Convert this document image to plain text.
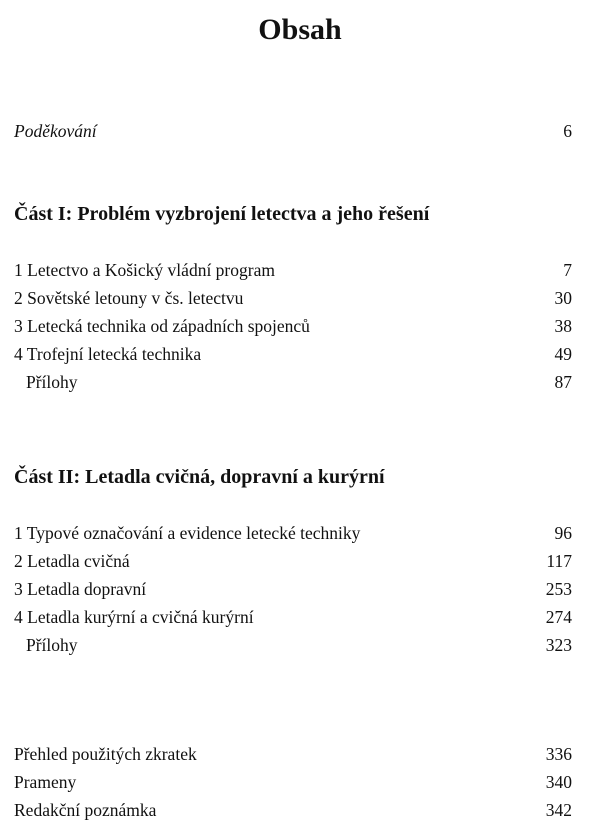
Obsah
Poděkování	6
Část I: Problém vyzbrojení letectva a jeho řešení
1 Letectvo a Košický vládní program	7
2 Sovětské letouny v čs. letectvu	30
3 Letecká technika od západních spojenců	38
4 Trofejní letecká technika	49
Přílohy	87
Část II: Letadla cvičná, dopravní a kurýrní
1 Typové označování a evidence letecké techniky	96
2 Letadla cvičná	117
3 Letadla dopravní	253
4 Letadla kurýrní a cvičná kurýrní	274
Přílohy	323
Přehled použitých zkratek	336
Prameny	340
Redakční poznámka	342
